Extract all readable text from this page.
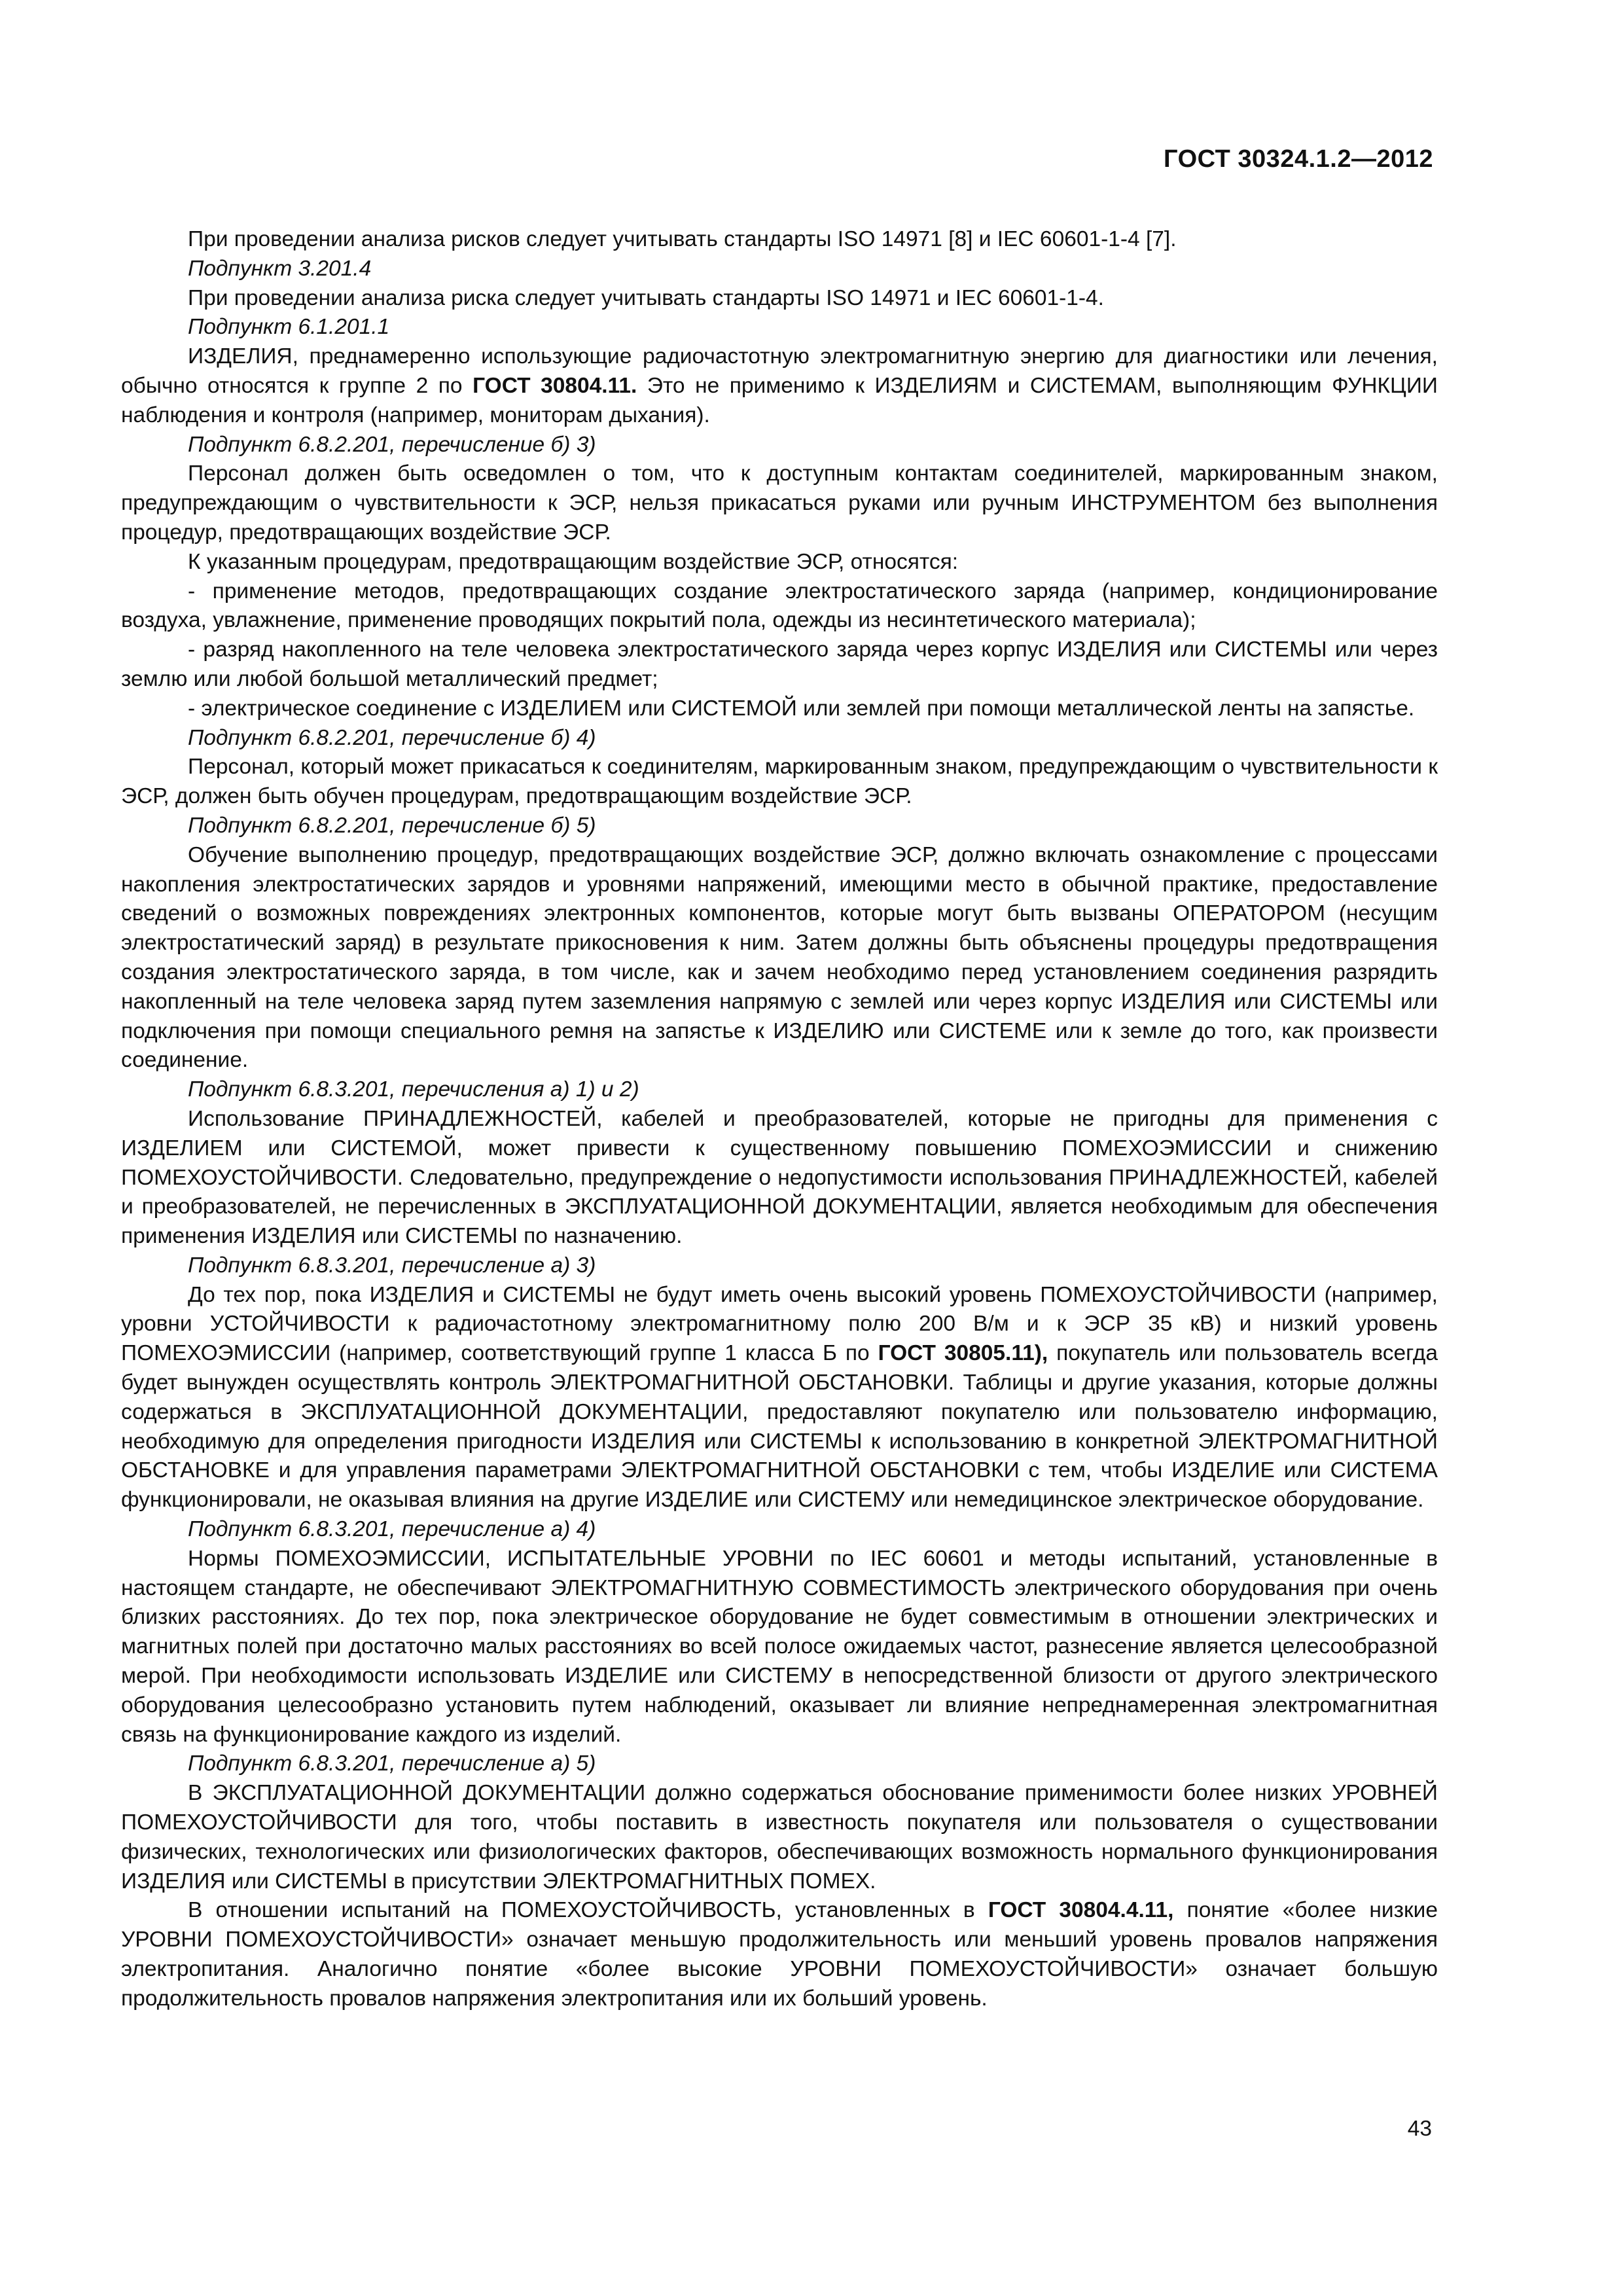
ГОСТ 30324.1.2—2012

При проведении анализа рисков следует учитывать стандарты ISO 14971 [8] и IEC 60601-1-4 [7].

Подпункт 3.201.4

При проведении анализа риска следует учитывать стандарты ISO 14971 и IEC 60601-1-4.

Подпункт 6.1.201.1

ИЗДЕЛИЯ, преднамеренно использующие радиочастотную электромагнитную энергию для диагностики или лечения, обычно относятся к группе 2 по ГОСТ 30804.11. Это не применимо к ИЗДЕЛИЯМ и СИСТЕМАМ, выполняющим ФУНКЦИИ наблюдения и контроля (например, мониторам дыхания).

Подпункт 6.8.2.201, перечисление б) 3)

Персонал должен быть осведомлен о том, что к доступным контактам соединителей, маркированным знаком, предупреждающим о чувствительности к ЭСР, нельзя прикасаться руками или ручным ИНСТРУМЕНТОМ без выполнения процедур, предотвращающих воздействие ЭСР.

К указанным процедурам, предотвращающим воздействие ЭСР, относятся:

- применение методов, предотвращающих создание электростатического заряда (например, кондиционирование воздуха, увлажнение, применение проводящих покрытий пола, одежды из несинтетического материала);

- разряд накопленного на теле человека электростатического заряда через корпус ИЗДЕЛИЯ или СИСТЕМЫ или через землю или любой большой металлический предмет;

- электрическое соединение с ИЗДЕЛИЕМ или СИСТЕМОЙ или землей при помощи металлической ленты на запястье.

Подпункт 6.8.2.201, перечисление б) 4)

Персонал, который может прикасаться к соединителям, маркированным знаком, предупреждающим о чувствительности к ЭСР, должен быть обучен процедурам, предотвращающим воздействие ЭСР.

Подпункт 6.8.2.201, перечисление б) 5)

Обучение выполнению процедур, предотвращающих воздействие ЭСР, должно включать ознакомление с процессами накопления электростатических зарядов и уровнями напряжений, имеющими место в обычной практике, предоставление сведений о возможных повреждениях электронных компонентов, которые могут быть вызваны ОПЕРАТОРОМ (несущим электростатический заряд) в результате прикосновения к ним. Затем должны быть объяснены процедуры предотвращения создания электростатического заряда, в том числе, как и зачем необходимо перед установлением соединения разрядить накопленный на теле человека заряд путем заземления напрямую с землей или через корпус ИЗДЕЛИЯ или СИСТЕМЫ или подключения при помощи специального ремня на запястье к ИЗДЕЛИЮ или СИСТЕМЕ или к земле до того, как произвести соединение.

Подпункт 6.8.3.201, перечисления а) 1) и 2)

Использование ПРИНАДЛЕЖНОСТЕЙ, кабелей и преобразователей, которые не пригодны для применения с ИЗДЕЛИЕМ или СИСТЕМОЙ, может привести к существенному повышению ПОМЕХОЭМИССИИ и снижению ПОМЕХОУСТОЙЧИВОСТИ. Следовательно, предупреждение о недопустимости использования ПРИНАДЛЕЖНОСТЕЙ, кабелей и преобразователей, не перечисленных в ЭКСПЛУАТАЦИОННОЙ ДОКУМЕНТАЦИИ, является необходимым для обеспечения применения ИЗДЕЛИЯ или СИСТЕМЫ по назначению.

Подпункт 6.8.3.201, перечисление а) 3)

До тех пор, пока ИЗДЕЛИЯ и СИСТЕМЫ не будут иметь очень высокий уровень ПОМЕХОУСТОЙЧИВОСТИ (например, уровни УСТОЙЧИВОСТИ к радиочастотному электромагнитному полю 200 В/м и к ЭСР 35 кВ) и низкий уровень ПОМЕХОЭМИССИИ (например, соответствующий группе 1 класса Б по ГОСТ 30805.11), покупатель или пользователь всегда будет вынужден осуществлять контроль ЭЛЕКТРОМАГНИТНОЙ ОБСТАНОВКИ. Таблицы и другие указания, которые должны содержаться в ЭКСПЛУАТАЦИОННОЙ ДОКУМЕНТАЦИИ, предоставляют покупателю или пользователю информацию, необходимую для определения пригодности ИЗДЕЛИЯ или СИСТЕМЫ к использованию в конкретной ЭЛЕКТРОМАГНИТНОЙ ОБСТАНОВКЕ и для управления параметрами ЭЛЕКТРОМАГНИТНОЙ ОБСТАНОВКИ с тем, чтобы ИЗДЕЛИЕ или СИСТЕМА функционировали, не оказывая влияния на другие ИЗДЕЛИЕ или СИСТЕМУ или немедицинское электрическое оборудование.

Подпункт 6.8.3.201, перечисление а) 4)

Нормы ПОМЕХОЭМИССИИ, ИСПЫТАТЕЛЬНЫЕ УРОВНИ по IEC 60601 и методы испытаний, установленные в настоящем стандарте, не обеспечивают ЭЛЕКТРОМАГНИТНУЮ СОВМЕСТИМОСТЬ электрического оборудования при очень близких расстояниях. До тех пор, пока электрическое оборудование не будет совместимым в отношении электрических и магнитных полей при достаточно малых расстояниях во всей полосе ожидаемых частот, разнесение является целесообразной мерой. При необходимости использовать ИЗДЕЛИЕ или СИСТЕМУ в непосредственной близости от другого электрического оборудования целесообразно установить путем наблюдений, оказывает ли влияние непреднамеренная электромагнитная связь на функционирование каждого из изделий.

Подпункт 6.8.3.201, перечисление а) 5)

В ЭКСПЛУАТАЦИОННОЙ ДОКУМЕНТАЦИИ должно содержаться обоснование применимости более низких УРОВНЕЙ ПОМЕХОУСТОЙЧИВОСТИ для того, чтобы поставить в известность покупателя или пользователя о существовании физических, технологических или физиологических факторов, обеспечивающих возможность нормального функционирования ИЗДЕЛИЯ или СИСТЕМЫ в присутствии ЭЛЕКТРОМАГНИТНЫХ ПОМЕХ.

В отношении испытаний на ПОМЕХОУСТОЙЧИВОСТЬ, установленных в ГОСТ 30804.4.11, понятие «более низкие УРОВНИ ПОМЕХОУСТОЙЧИВОСТИ» означает меньшую продолжительность или меньший уровень провалов напряжения электропитания. Аналогично понятие «более высокие УРОВНИ ПОМЕХОУСТОЙЧИВОСТИ» означает большую продолжительность провалов напряжения электропитания или их больший уровень.

43
